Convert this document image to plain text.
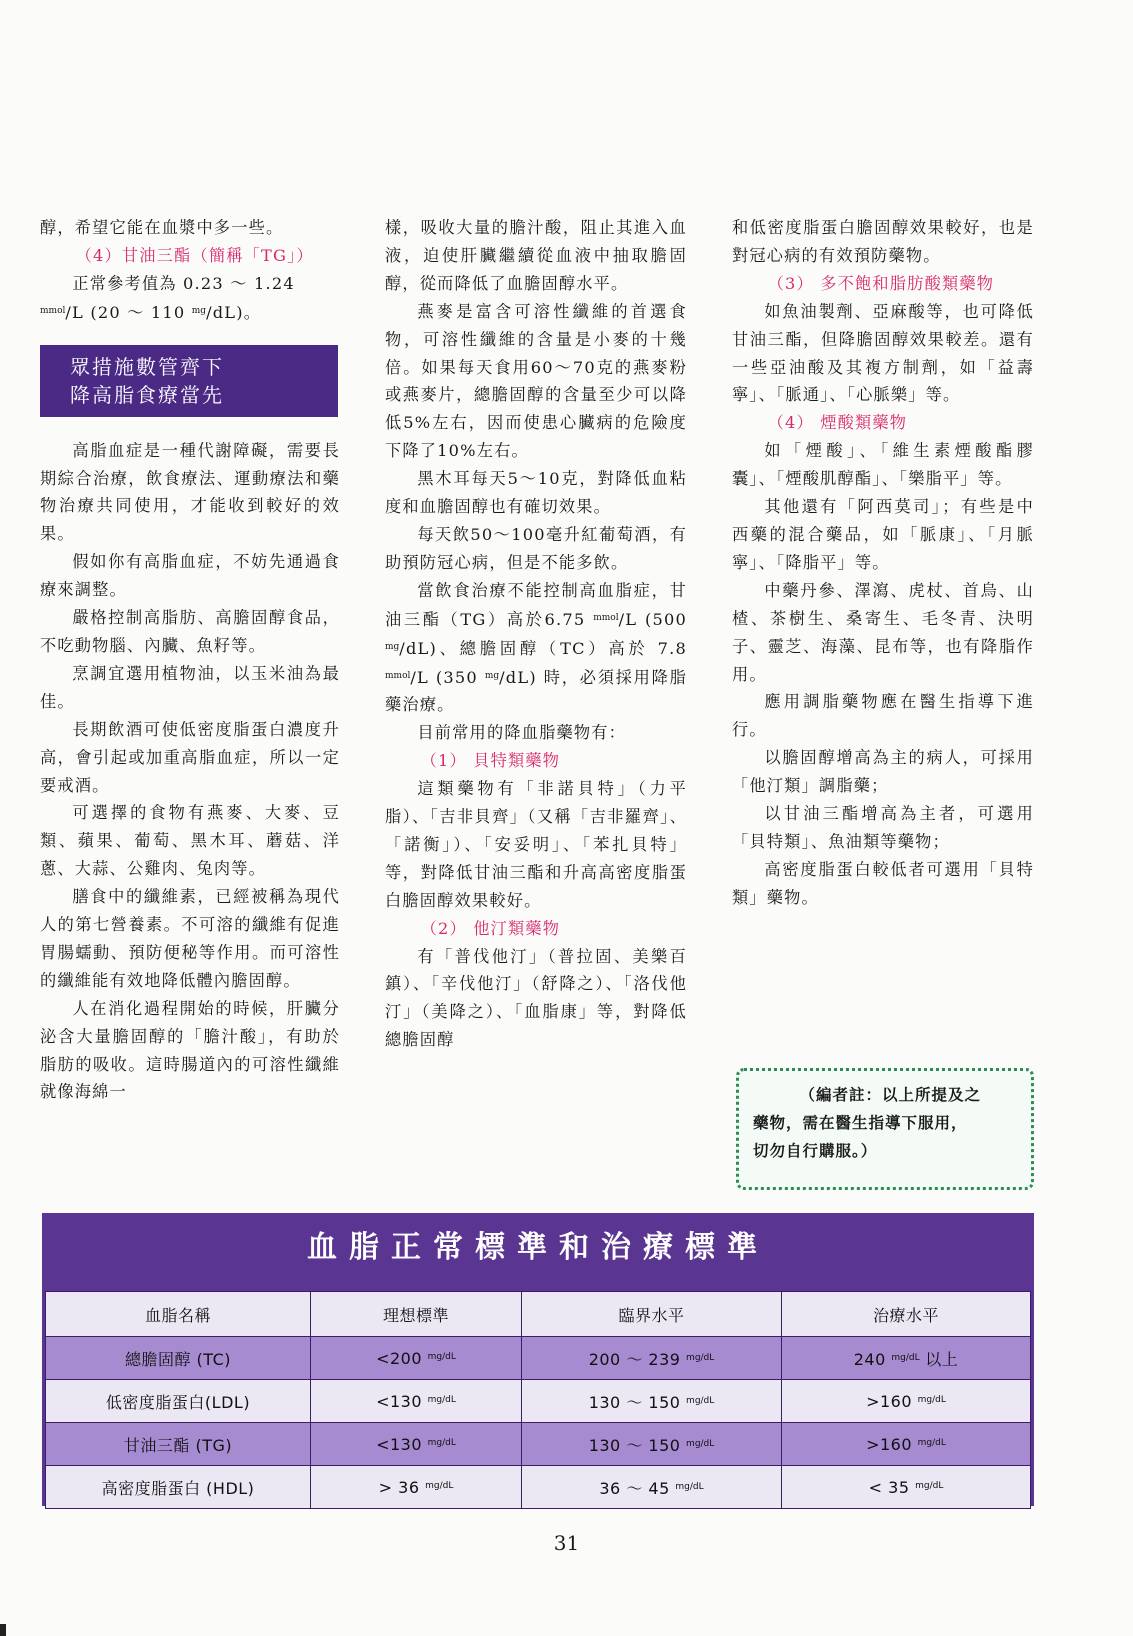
醇，希望它能在血漿中多一些。

（4）甘油三酯（簡稱「TG」）

正常參考值為 0.23 ～ 1.24
$^{mmol}$/L (20 ～ 110 $^{mg}$/dL)。

眾措施數管齊下
降高脂食療當先

高脂血症是一種代謝障礙，需要長期綜合治療，飲食療法、運動療法和藥物治療共同使用，才能收到較好的效果。

假如你有高脂血症，不妨先通過食療來調整。

嚴格控制高脂肪、高膽固醇食品，不吃動物腦、內臟、魚籽等。

烹調宜選用植物油，以玉米油為最佳。

長期飲酒可使低密度脂蛋白濃度升高，會引起或加重高脂血症，所以一定要戒酒。

可選擇的食物有燕麥、大麥、豆類、蘋果、葡萄、黑木耳、蘑菇、洋蔥、大蒜、公雞肉、兔肉等。

膳食中的纖維素，已經被稱為現代人的第七營養素。不可溶的纖維有促進胃腸蠕動、預防便秘等作用。而可溶性的纖維能有效地降低體內膽固醇。

人在消化過程開始的時候，肝臟分泌含大量膽固醇的「膽汁酸」，有助於脂肪的吸收。這時腸道內的可溶性纖維就像海綿一

樣，吸收大量的膽汁酸，阻止其進入血液，迫使肝臟繼續從血液中抽取膽固醇，從而降低了血膽固醇水平。

燕麥是富含可溶性纖維的首選食物，可溶性纖維的含量是小麥的十幾倍。如果每天食用60～70克的燕麥粉或燕麥片，總膽固醇的含量至少可以降低5%左右，因而使患心臟病的危險度下降了10%左右。

黑木耳每天5～10克，對降低血粘度和血膽固醇也有確切效果。

每天飲50～100毫升紅葡萄酒，有助預防冠心病，但是不能多飲。

當飲食治療不能控制高血脂症，甘油三酯（TG）高於6.75 $^{mmol}$/L (500 $^{mg}$/dL)、總膽固醇（TC）高於 7.8 $^{mmol}$/L (350 $^{mg}$/dL) 時，必須採用降脂藥治療。

目前常用的降血脂藥物有：

（1） 貝特類藥物

這類藥物有「非諾貝特」（力平脂）、「吉非貝齊」（又稱「吉非羅齊」、「諾衡」）、「安妥明」、「苯扎貝特」等，對降低甘油三酯和升高高密度脂蛋白膽固醇效果較好。

（2） 他汀類藥物

有「普伐他汀」（普拉固、美樂百鎮）、「辛伐他汀」（舒降之）、「洛伐他汀」（美降之）、「血脂康」等，對降低總膽固醇

和低密度脂蛋白膽固醇效果較好，也是對冠心病的有效預防藥物。

（3） 多不飽和脂肪酸類藥物

如魚油製劑、亞麻酸等，也可降低甘油三酯，但降膽固醇效果較差。還有一些亞油酸及其複方制劑，如「益壽寧」、「脈通」、「心脈樂」等。

（4） 煙酸類藥物

如「煙酸」、「維生素煙酸酯膠囊」、「煙酸肌醇酯」、「樂脂平」等。

其他還有「阿西莫司」；有些是中西藥的混合藥品，如「脈康」、「月脈寧」、「降脂平」等。

中藥丹參、澤瀉、虎杖、首烏、山楂、茶樹生、桑寄生、毛冬青、決明子、靈芝、海藻、昆布等，也有降脂作用。

應用調脂藥物應在醫生指導下進行。

以膽固醇增高為主的病人，可採用「他汀類」調脂藥；

以甘油三酯增高為主者，可選用「貝特類」、魚油類等藥物；

高密度脂蛋白較低者可選用「貝特類」藥物。

（編者註：以上所提及之
藥物，需在醫生指導下服用，
切勿自行購服。）
血脂正常標準和治療標準
血脂名稱	理想標準	臨界水平	治療水平
總膽固醇 (TC)	<200 $^{mg/dL}$	200 ～ 239 $^{mg/dL}$	240 $^{mg/dL}$ 以上
低密度脂蛋白(LDL)	<130 $^{mg/dL}$	130 ～ 150 $^{mg/dL}$	>160 $^{mg/dL}$
甘油三酯 (TG)	<130 $^{mg/dL}$	130 ～ 150 $^{mg/dL}$	>160 $^{mg/dL}$
高密度脂蛋白 (HDL)	> 36 $^{mg/dL}$	36 ～ 45 $^{mg/dL}$	< 35 $^{mg/dL}$
31
